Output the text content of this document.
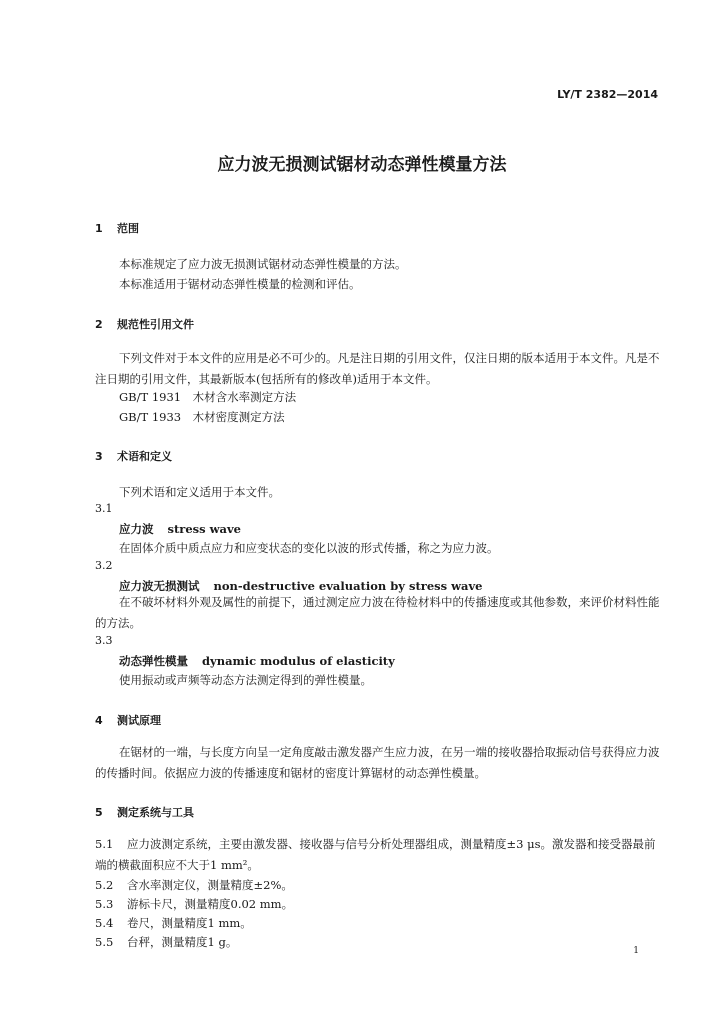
LY/T 2382—2014
应力波无损测试锯材动态弹性模量方法
1 范围
本标准规定了应力波无损测试锯材动态弹性模量的方法。
本标准适用于锯材动态弹性模量的检测和评估。
2 规范性引用文件
下列文件对于本文件的应用是必不可少的。凡是注日期的引用文件，仅注日期的版本适用于本文件。凡是不注日期的引用文件，其最新版本(包括所有的修改单)适用于本文件。
GB/T 1931　木材含水率测定方法
GB/T 1933　木材密度测定方法
3 术语和定义
下列术语和定义适用于本文件。
3.1
应力波 stress wave
在固体介质中质点应力和应变状态的变化以波的形式传播，称之为应力波。
3.2
应力波无损测试 non-destructive evaluation by stress wave
在不破坏材料外观及属性的前提下，通过测定应力波在待检材料中的传播速度或其他参数，来评价材料性能的方法。
3.3
动态弹性模量 dynamic modulus of elasticity
使用振动或声频等动态方法测定得到的弹性模量。
4 测试原理
在锯材的一端，与长度方向呈一定角度敲击激发器产生应力波，在另一端的接收器拾取振动信号获得应力波的传播时间。依据应力波的传播速度和锯材的密度计算锯材的动态弹性模量。
5 测定系统与工具
5.1 应力波测定系统，主要由激发器、接收器与信号分析处理器组成，测量精度±3 μs。激发器和接受器最前端的横截面积应不大于1 mm²。
5.2 含水率测定仪，测量精度±2%。
5.3 游标卡尺，测量精度0.02 mm。
5.4 卷尺，测量精度1 mm。
5.5 台秤，测量精度1 g。
1
